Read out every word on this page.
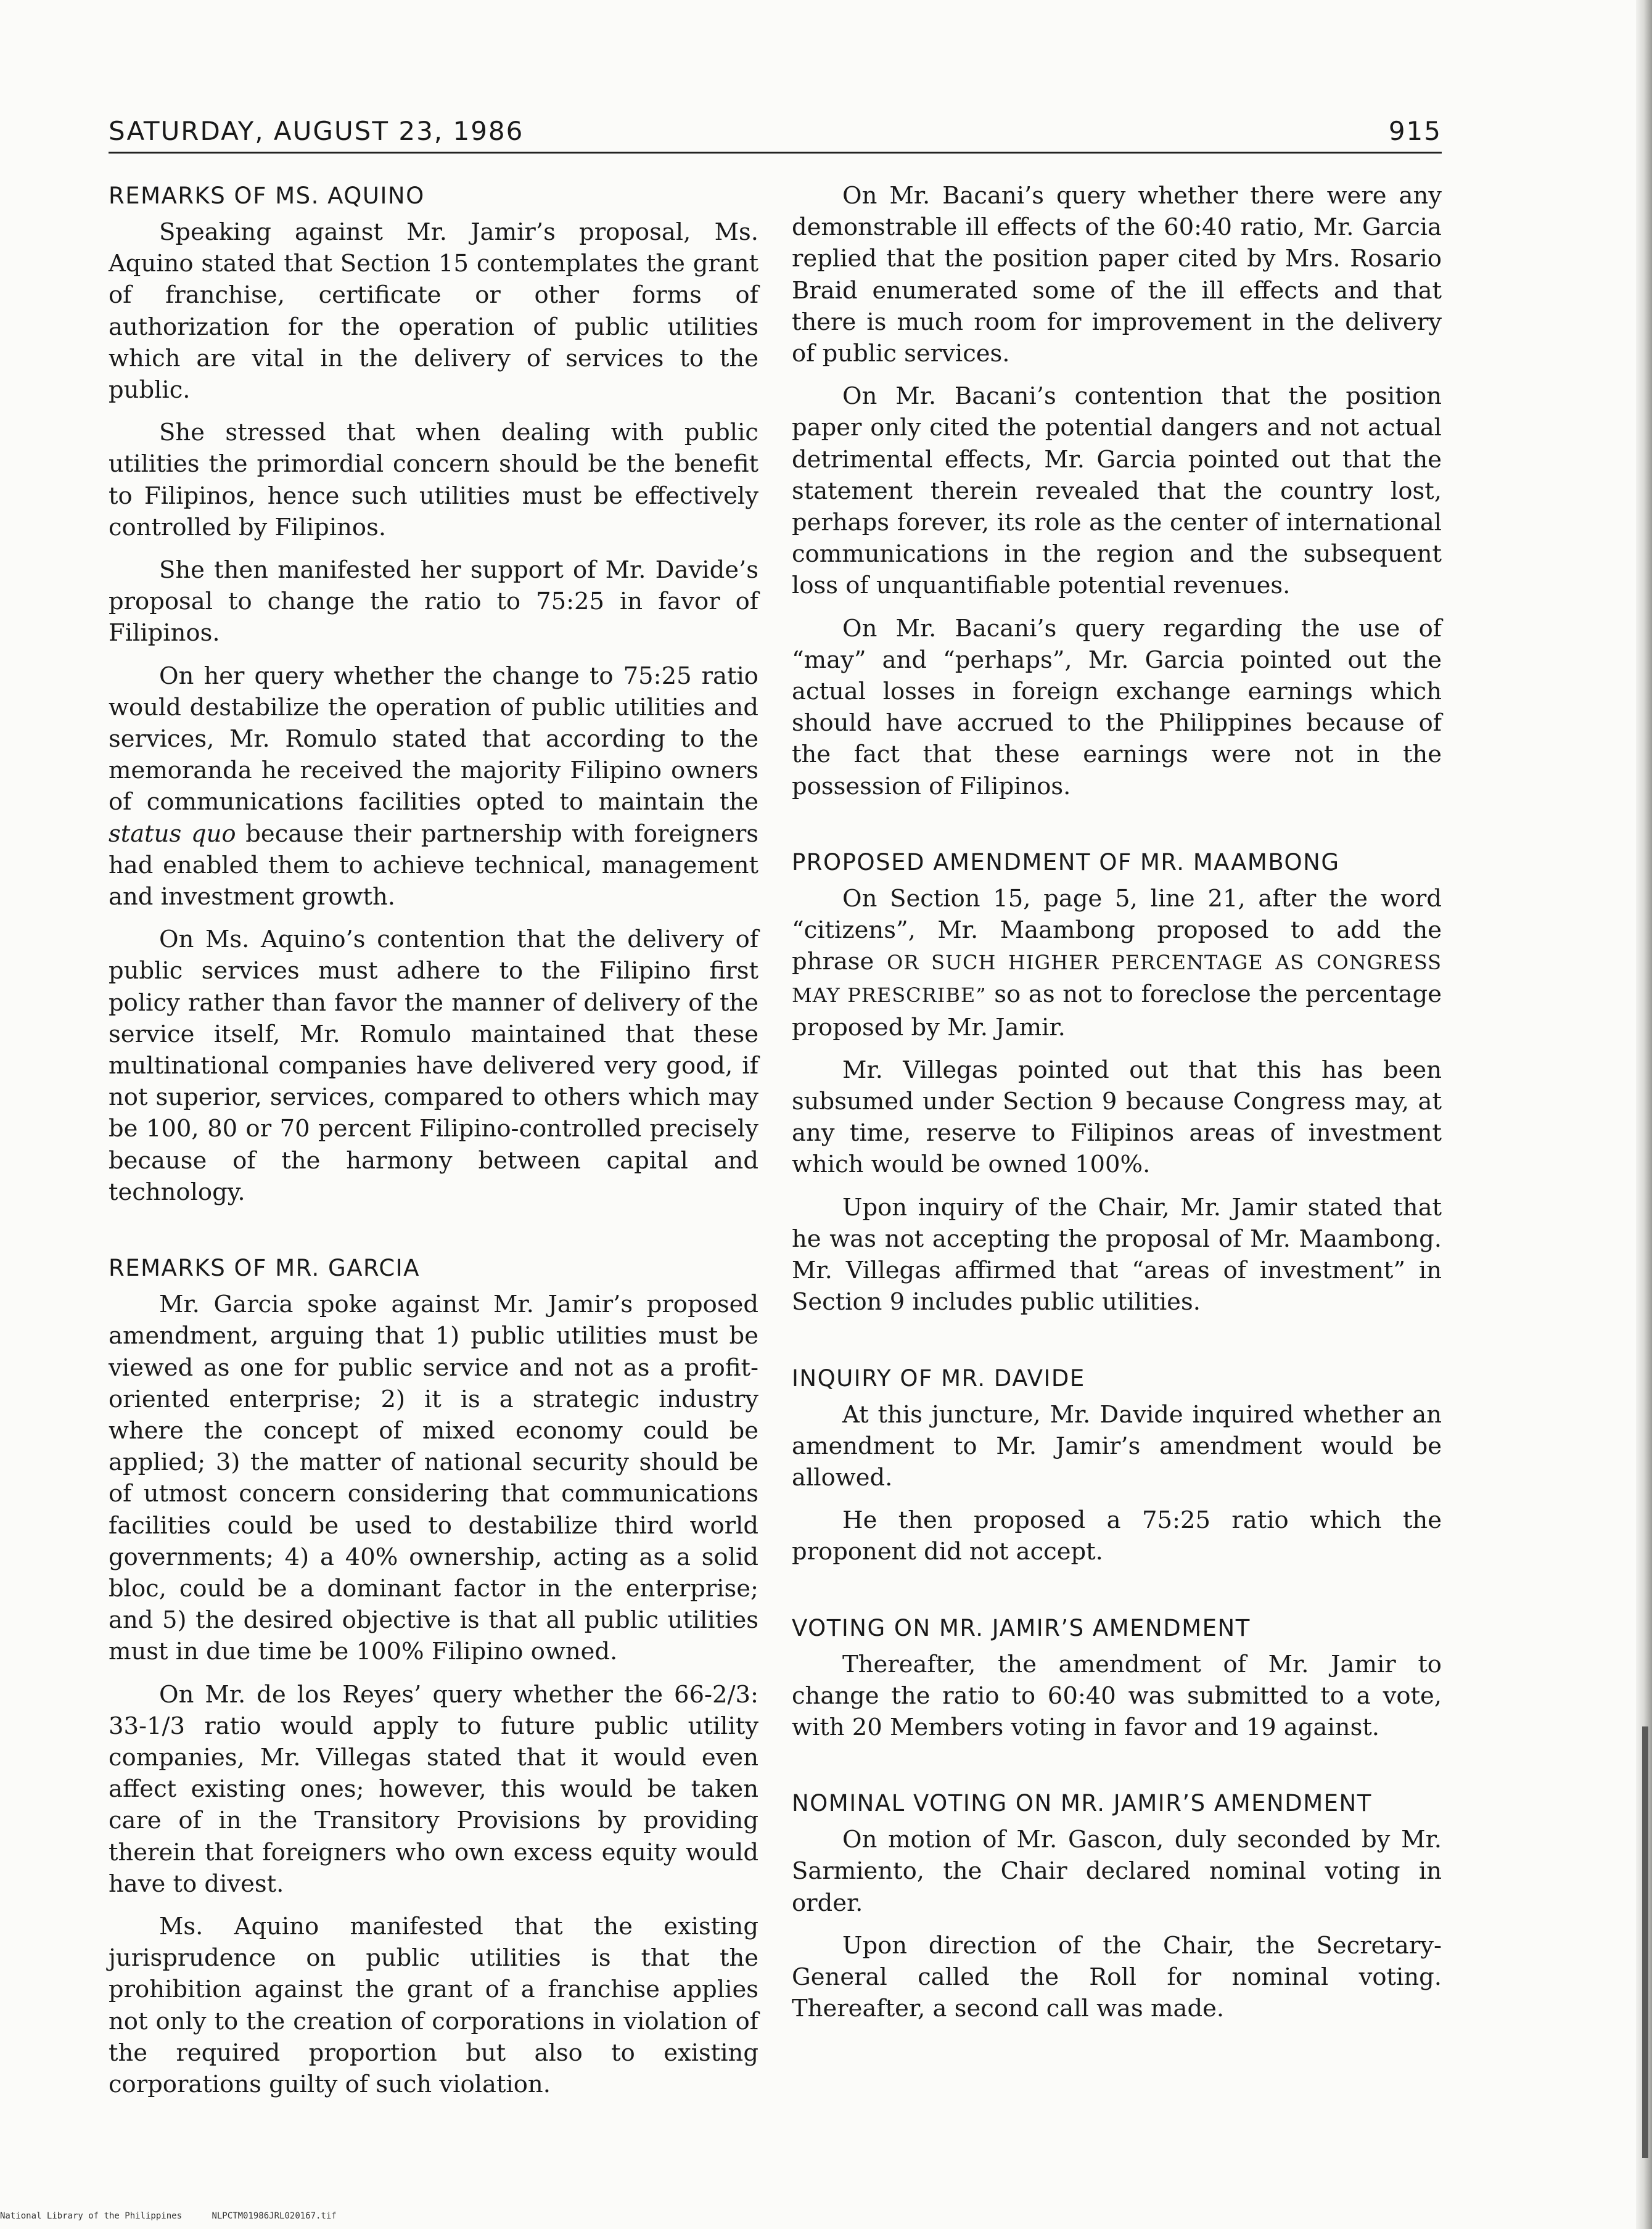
SATURDAY, AUGUST 23, 1986	915
REMARKS OF MS. AQUINO

Speaking against Mr. Jamir’s proposal, Ms. Aquino stated that Section 15 contemplates the grant of franchise, certificate or other forms of authorization for the operation of public utilities which are vital in the delivery of services to the public.

She stressed that when dealing with public utilities the primordial concern should be the benefit to Filipinos, hence such utilities must be effectively controlled by Filipinos.

She then manifested her support of Mr. Davide’s proposal to change the ratio to 75:25 in favor of Filipinos.

On her query whether the change to 75:25 ratio would destabilize the operation of public utilities and services, Mr. Romulo stated that according to the memoranda he received the majority Filipino owners of communications facilities opted to maintain the status quo because their partnership with foreigners had enabled them to achieve technical, management and investment growth.

On Ms. Aquino’s contention that the delivery of public services must adhere to the Filipino first policy rather than favor the manner of delivery of the service itself, Mr. Romulo maintained that these multinational companies have delivered very good, if not superior, services, compared to others which may be 100, 80 or 70 percent Filipino-controlled precisely because of the harmony between capital and technology.

REMARKS OF MR. GARCIA

Mr. Garcia spoke against Mr. Jamir’s proposed amendment, arguing that 1) public utilities must be viewed as one for public service and not as a profit-oriented enterprise; 2) it is a strategic industry where the concept of mixed economy could be applied; 3) the matter of national security should be of utmost concern considering that communications facilities could be used to destabilize third world governments; 4) a 40% ownership, acting as a solid bloc, could be a dominant factor in the enterprise; and 5) the desired objective is that all public utilities must in due time be 100% Filipino owned.

On Mr. de los Reyes’ query whether the 66-2/3: 33-1/3 ratio would apply to future public utility companies, Mr. Villegas stated that it would even affect existing ones; however, this would be taken care of in the Transitory Provisions by providing therein that foreigners who own excess equity would have to divest.

Ms. Aquino manifested that the existing jurisprudence on public utilities is that the prohibition against the grant of a franchise applies not only to the creation of corporations in violation of the required proportion but also to existing corporations guilty of such violation.

On Mr. Bacani’s query whether there were any demonstrable ill effects of the 60:40 ratio, Mr. Garcia replied that the position paper cited by Mrs. Rosario Braid enumerated some of the ill effects and that there is much room for improvement in the delivery of public services.

On Mr. Bacani’s contention that the position paper only cited the potential dangers and not actual detrimental effects, Mr. Garcia pointed out that the statement therein revealed that the country lost, perhaps forever, its role as the center of international communications in the region and the subsequent loss of unquantifiable potential revenues.

On Mr. Bacani’s query regarding the use of “may” and “perhaps”, Mr. Garcia pointed out the actual losses in foreign exchange earnings which should have accrued to the Philippines because of the fact that these earnings were not in the possession of Filipinos.

PROPOSED AMENDMENT OF MR. MAAMBONG

On Section 15, page 5, line 21, after the word “citizens”, Mr. Maambong proposed to add the phrase OR SUCH HIGHER PERCENTAGE AS CONGRESS MAY PRESCRIBE” so as not to foreclose the percentage proposed by Mr. Jamir.

Mr. Villegas pointed out that this has been subsumed under Section 9 because Congress may, at any time, reserve to Filipinos areas of investment which would be owned 100%.

Upon inquiry of the Chair, Mr. Jamir stated that he was not accepting the proposal of Mr. Maambong. Mr. Villegas affirmed that “areas of investment” in Section 9 includes public utilities.

INQUIRY OF MR. DAVIDE

At this juncture, Mr. Davide inquired whether an amendment to Mr. Jamir’s amendment would be allowed.

He then proposed a 75:25 ratio which the proponent did not accept.

VOTING ON MR. JAMIR’S AMENDMENT

Thereafter, the amendment of Mr. Jamir to change the ratio to 60:40 was submitted to a vote, with 20 Members voting in favor and 19 against.

NOMINAL VOTING ON MR. JAMIR’S AMENDMENT

On motion of Mr. Gascon, duly seconded by Mr. Sarmiento, the Chair declared nominal voting in order.

Upon direction of the Chair, the Secretary-General called the Roll for nominal voting. Thereafter, a second call was made.

National Library of the Philippines	NLPCTM01986JRL020167.tif
